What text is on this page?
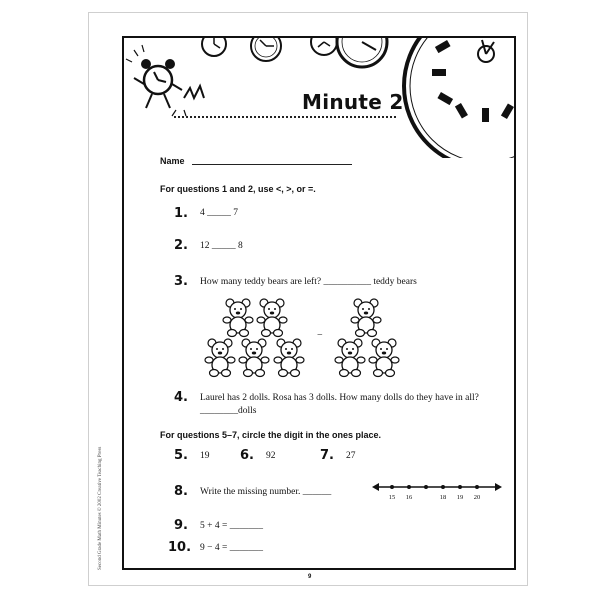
Second Grade Math Minutes © 2002 Creative Teaching Press
Minute 2
Name
For questions 1 and 2, use <, >, or =.
1. 4 _____ 7
2. 12 _____ 8
3. How many teddy bears are left? __________ teddy bears
−
4. Laurel has 2 dolls. Rosa has 3 dolls. How many dolls do they have in all? ________dolls
For questions 5–7, circle the digit in the ones place.
5. 19 6. 92	7. 27
8. Write the missing number. ______
15 16	18 19 20
9. 5 + 4 = _______
10. 9 − 4 = _______
9
